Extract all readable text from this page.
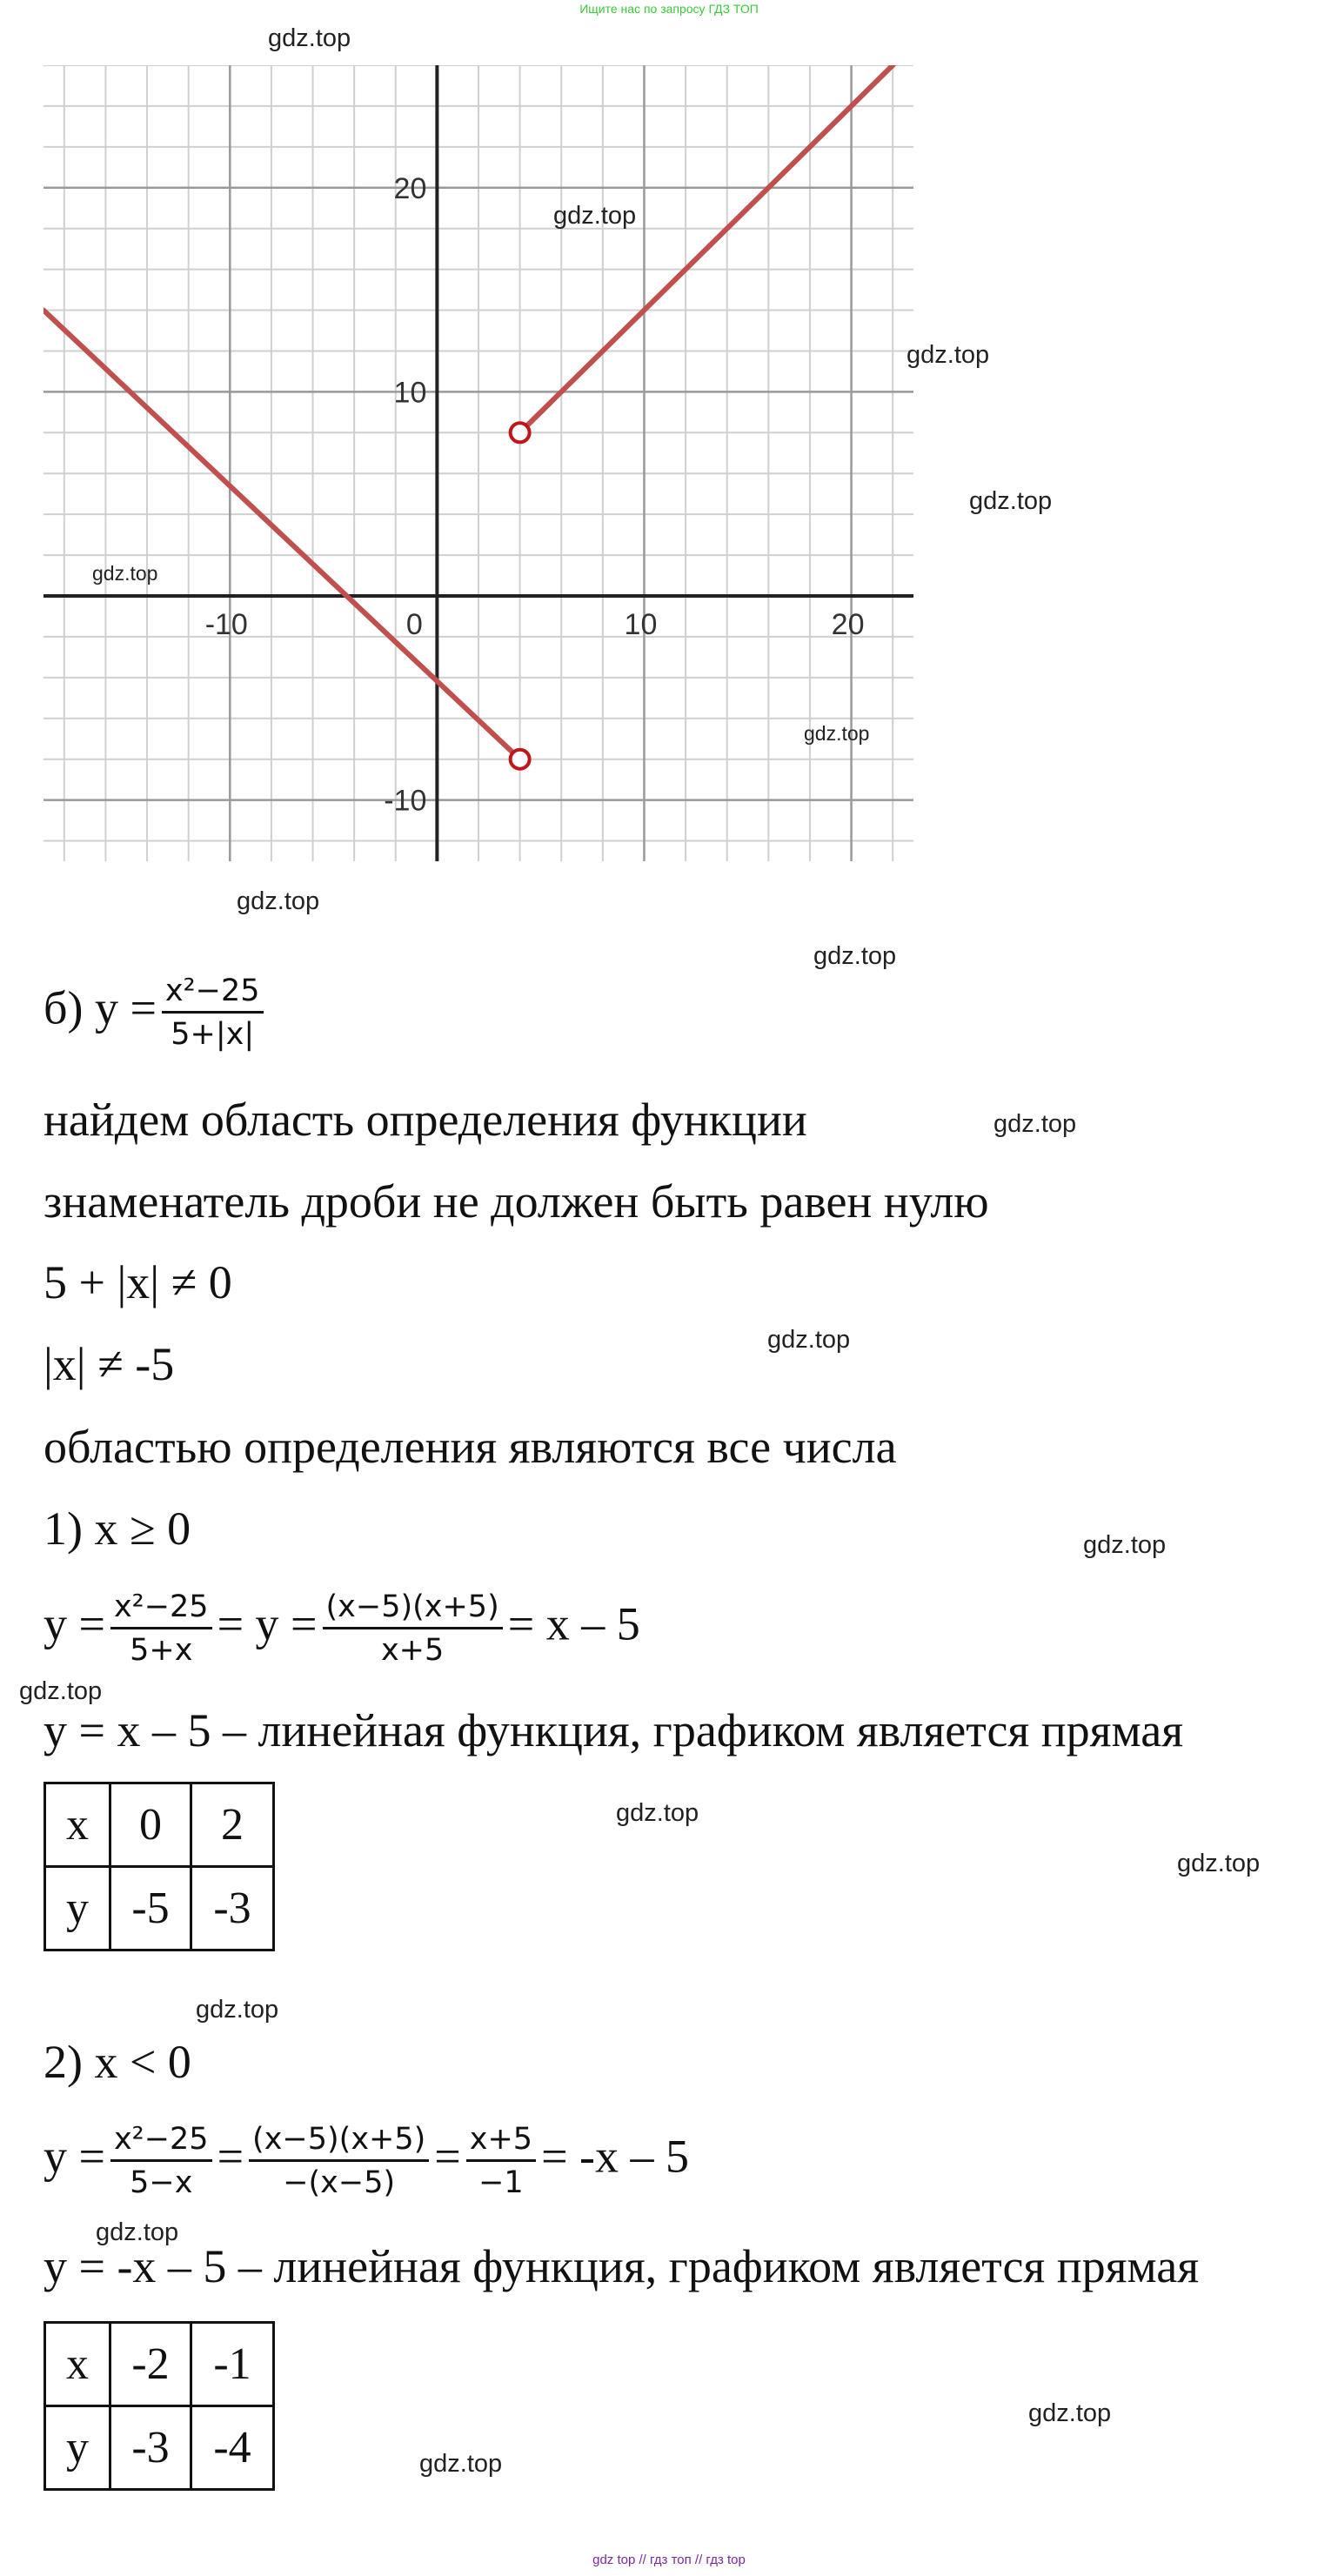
Ищите нас по запросу ГДЗ ТОП
-10	0	10	20
-10
10
20
gdz.top
gdz.top
gdz.top
gdz.top
gdz.top
gdz.top
gdz.top
gdz.top
gdz.top
gdz.top
gdz.top
gdz.top
gdz.top
gdz.top
gdz.top
gdz.top
gdz.top
gdz.top
б) $y = \frac{\text{x²−25}}{5+|x|}$
найдем область определения функции
знаменатель дроби не должен быть равен нулю
5 + |x| ≠ 0
|x| ≠ -5
областью определения являются все числа
1) x ≥ 0
$y = \frac{\text{x²−25}}{5+x} = y = \frac{(x-5)(x+5)}{x+5} = x - 5$
y = x – 5 – линейная функция, графиком является прямая
x	0	2
y	-5	-3
2) x < 0
$y = \frac{\text{x²−25}}{5-x} = \frac{(x-5)(x+5)}{-(x-5)} = \frac{x+5}{-1} = -x - 5$
y = -x – 5 – линейная функция, графиком является прямая
x	-2	-1
y	-3	-4
gdz top // гдз топ // гдз top
